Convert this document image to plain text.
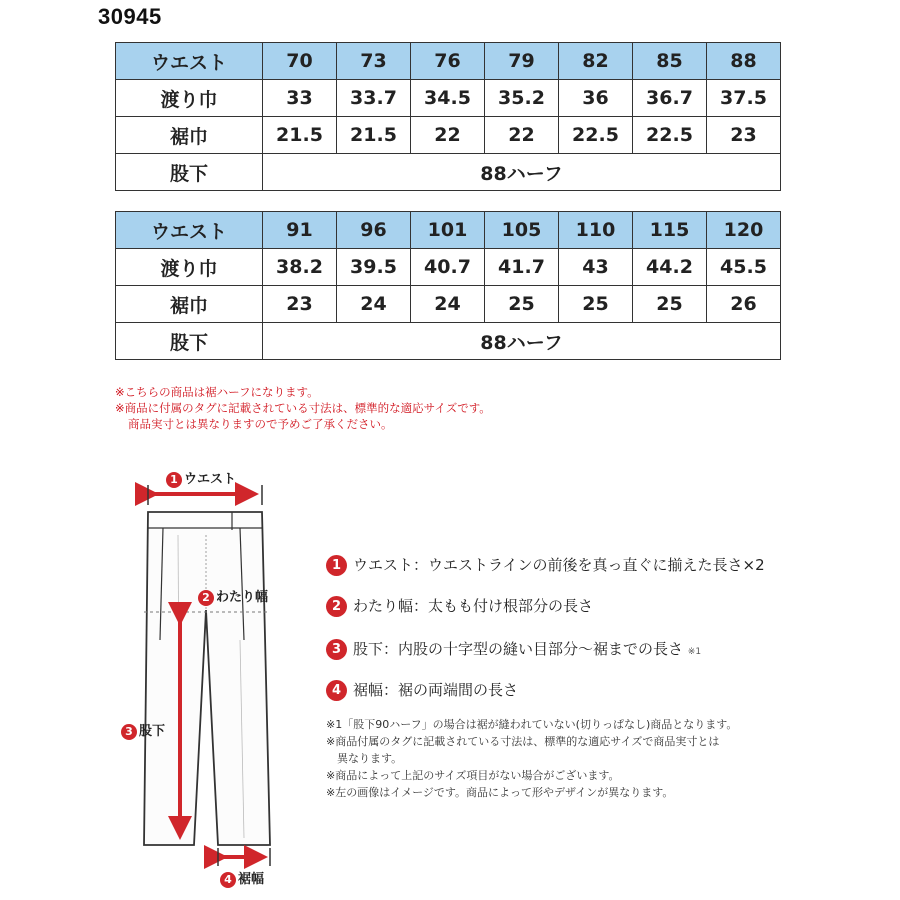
30945
ウエスト	70	73	76	79	82	85	88
渡り巾	33	33.7	34.5	35.2	36	36.7	37.5
裾巾	21.5	21.5	22	22	22.5	22.5	23
股下	88ハーフ						
ウエスト	91	96	101	105	110	115	120
渡り巾	38.2	39.5	40.7	41.7	43	44.2	45.5
裾巾	23	24	24	25	25	25	26
股下	88ハーフ						
※こちらの商品は裾ハーフになります。
※商品に付属のタグに記載されている寸法は、標準的な適応サイズです。
商品実寸とは異なりますので予めご了承ください。
1 ウエスト
2 わたり幅
3 股下
4 裾幅
1 ウエスト：ウエストラインの前後を真っ直ぐに揃えた長さ×2
2 わたり幅：太もも付け根部分の長さ
3 股下：内股の十字型の縫い目部分～裾までの長さ ※1
4 裾幅：裾の両端間の長さ
※1「股下90ハーフ」の場合は裾が縫われていない(切りっぱなし)商品となります。
※商品付属のタグに記載されている寸法は、標準的な適応サイズで商品実寸とは
異なります。
※商品によって上記のサイズ項目がない場合がございます。
※左の画像はイメージです。商品によって形やデザインが異なります。
